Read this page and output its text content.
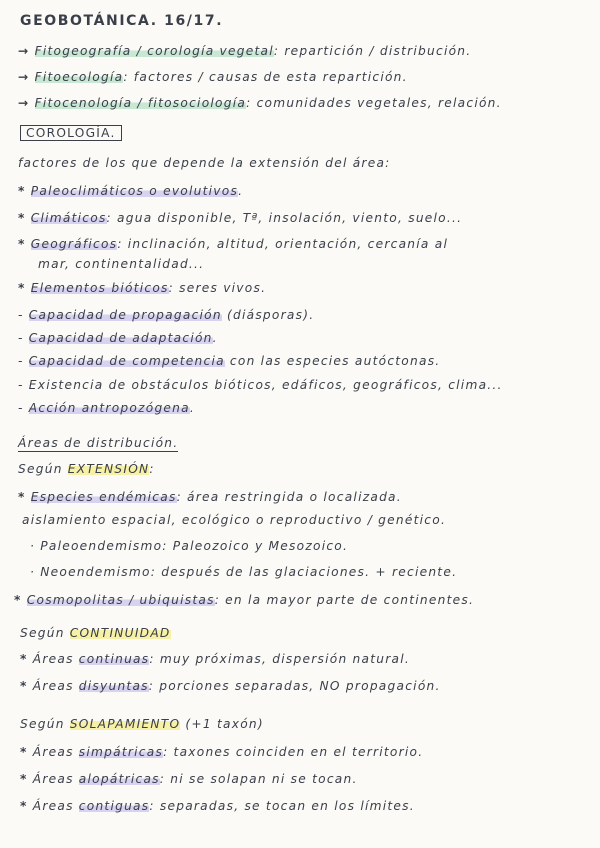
GEOBOTÁNICA. 16/17.
→ Fitogeografía / corología vegetal: repartición / distribución.
→ Fitoecología: factores / causas de esta repartición.
→ Fitocenología / fitosociología: comunidades vegetales, relación.
COROLOGÍA.
factores de los que depende la extensión del área:
* Paleoclimáticos o evolutivos.
* Climáticos: agua disponible, Tª, insolación, viento, suelo...
* Geográficos: inclinación, altitud, orientación, cercanía al
mar, continentalidad...
* Elementos bióticos: seres vivos.
- Capacidad de propagación (diásporas).
- Capacidad de adaptación.
- Capacidad de competencia con las especies autóctonas.
- Existencia de obstáculos bióticos, edáficos, geográficos, clima...
- Acción antropozógena.
Áreas de distribución.
Según EXTENSIÓN:
* Especies endémicas: área restringida o localizada.
aislamiento espacial, ecológico o reproductivo / genético.
· Paleoendemismo: Paleozoico y Mesozoico.
· Neoendemismo: después de las glaciaciones. + reciente.
* Cosmopolitas / ubiquistas: en la mayor parte de continentes.
Según CONTINUIDAD
* Áreas continuas: muy próximas, dispersión natural.
* Áreas disyuntas: porciones separadas, NO propagación.
Según SOLAPAMIENTO (+1 taxón)
* Áreas simpátricas: taxones coinciden en el territorio.
* Áreas alopátricas: ni se solapan ni se tocan.
* Áreas contiguas: separadas, se tocan en los límites.
